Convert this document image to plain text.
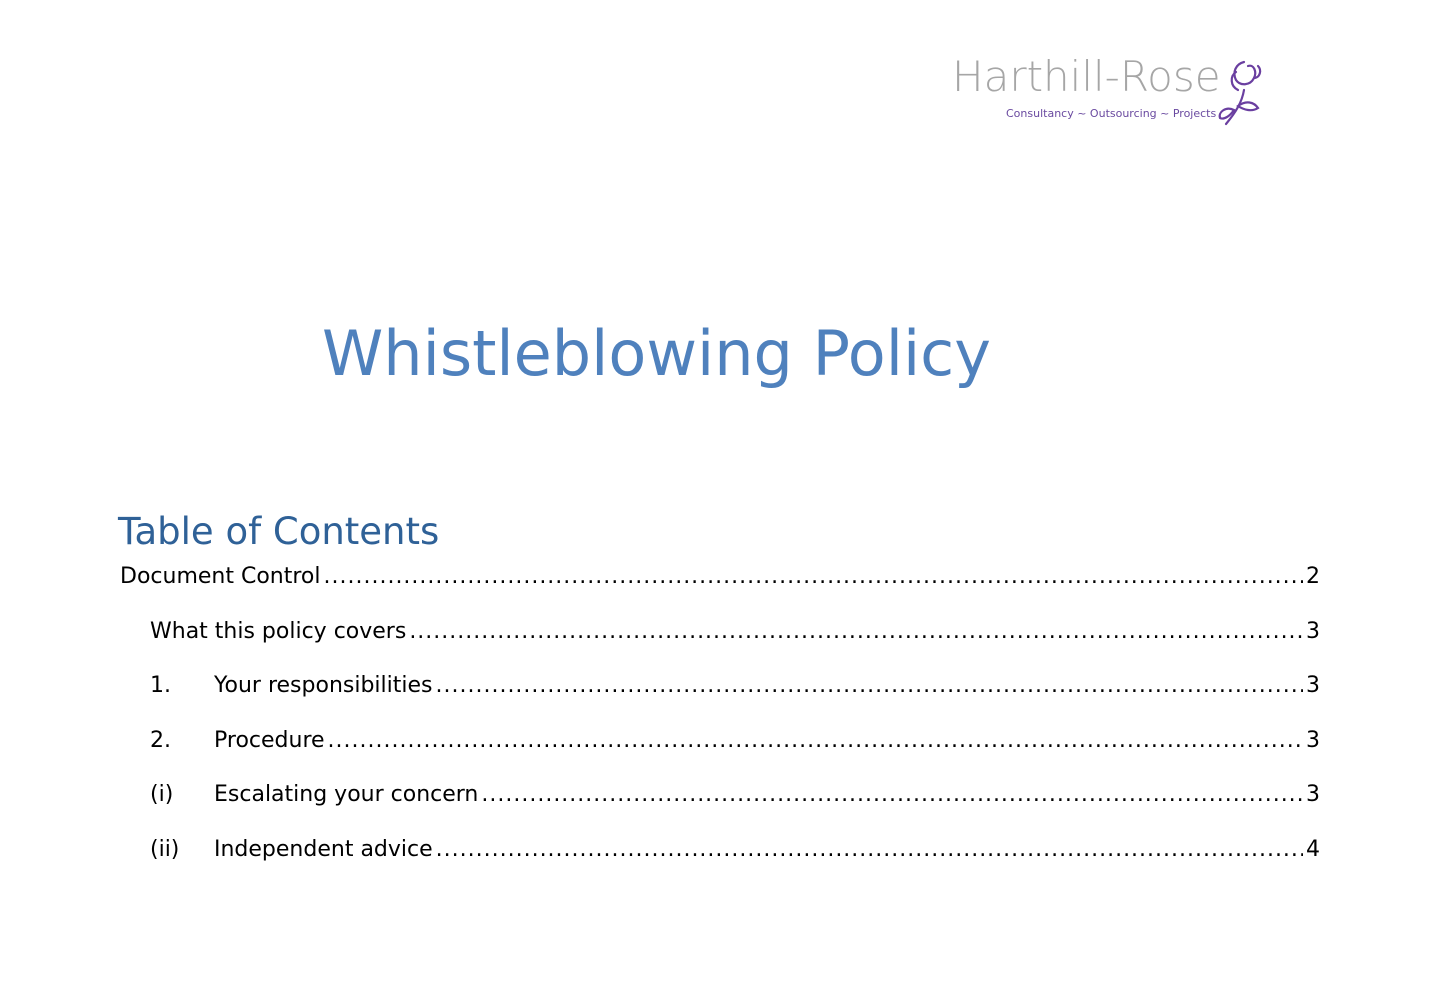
Harthill-Rose
Consultancy ~ Outsourcing ~ Projects
Whistleblowing Policy
Table of Contents
Document Control .....	2
What this policy covers .....	3
1.	Your responsibilities .....	3
2.	Procedure .....	3
(i)	Escalating your concern .....	3
(ii)	Independent advice .....	4
